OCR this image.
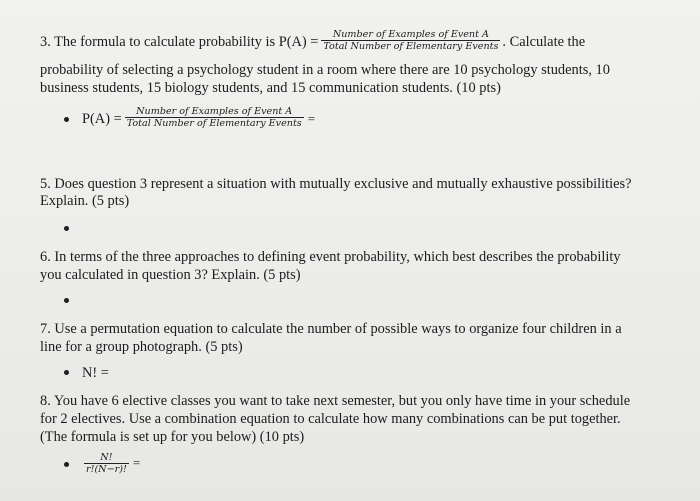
3. The formula to calculate probability is $P(A) = \frac{\text{Number of Examples of Event A}}{\text{Total Number of Elementary Events}}$ . Calculate the
probability of selecting a psychology student in a room where there are 10 psychology students, 10
business students, 15 biology students, and 15 communication students. (10 pts)
$P(A) = \frac{\text{Number of Examples of Event A}}{\text{Total Number of Elementary Events}}$ =
5. Does question 3 represent a situation with mutually exclusive and mutually exhaustive possibilities?
Explain. (5 pts)
6. In terms of the three approaches to defining event probability, which best describes the probability
you calculated in question 3? Explain. (5 pts)
7. Use a permutation equation to calculate the number of possible ways to organize four children in a
line for a group photograph. (5 pts)
N! =
8. You have 6 elective classes you want to take next semester, but you only have time in your schedule
for 2 electives. Use a combination equation to calculate how many combinations can be put together.
(The formula is set up for you below) (10 pts)
$\frac{N!}{r!(N-r)!}$ =
